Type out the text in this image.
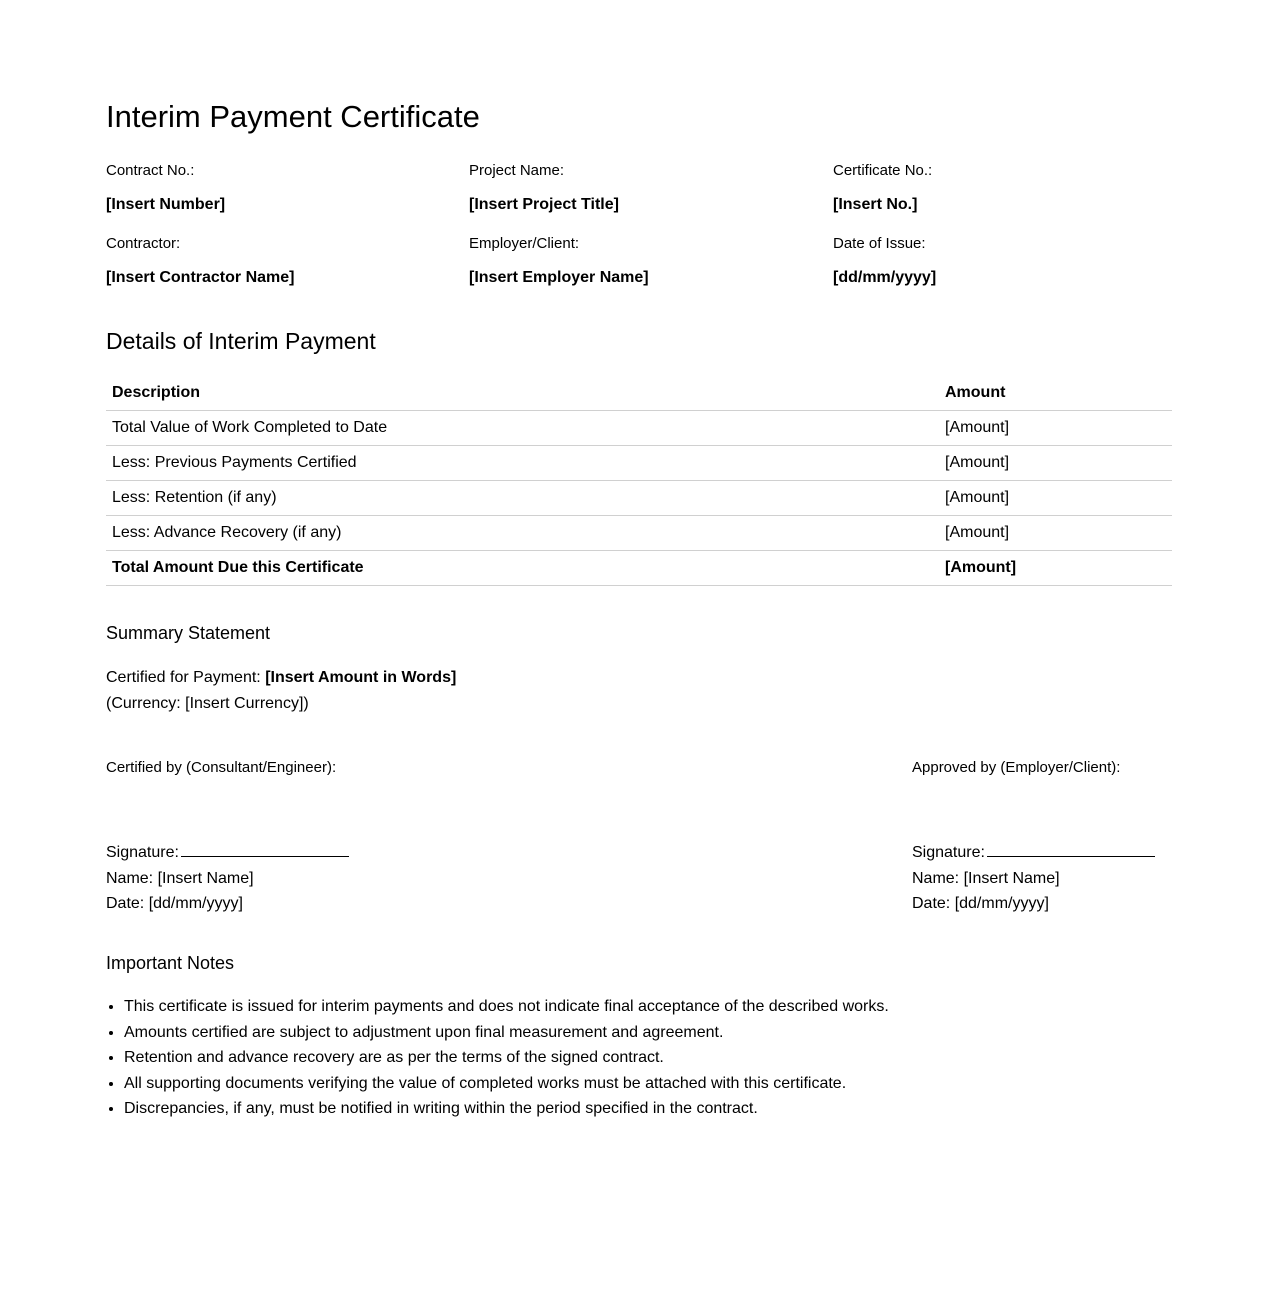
Interim Payment Certificate
Contract No.:
[Insert Number]
Project Name:
[Insert Project Title]
Certificate No.:
[Insert No.]
Contractor:
[Insert Contractor Name]
Employer/Client:
[Insert Employer Name]
Date of Issue:
[dd/mm/yyyy]
Details of Interim Payment
Description	Amount
Total Value of Work Completed to Date	[Amount]
Less: Previous Payments Certified	[Amount]
Less: Retention (if any)	[Amount]
Less: Advance Recovery (if any)	[Amount]
Total Amount Due this Certificate	[Amount]
Summary Statement
Certified for Payment: [Insert Amount in Words]
(Currency: [Insert Currency])
Certified by (Consultant/Engineer):
Signature:
Name: [Insert Name]
Date: [dd/mm/yyyy]
Approved by (Employer/Client):
Signature:
Name: [Insert Name]
Date: [dd/mm/yyyy]
Important Notes
• This certificate is issued for interim payments and does not indicate final acceptance of the described works.
• Amounts certified are subject to adjustment upon final measurement and agreement.
• Retention and advance recovery are as per the terms of the signed contract.
• All supporting documents verifying the value of completed works must be attached with this certificate.
• Discrepancies, if any, must be notified in writing within the period specified in the contract.
